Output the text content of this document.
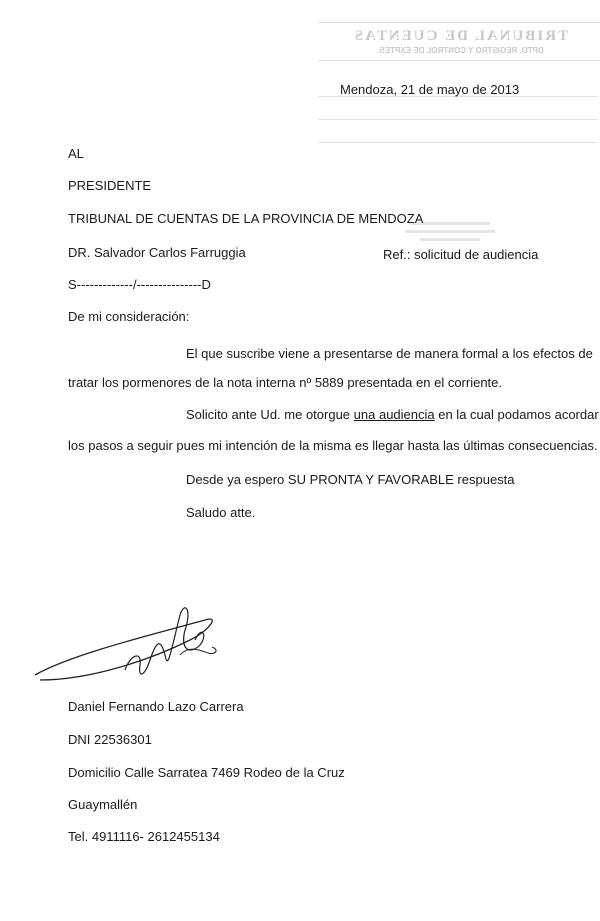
TRIBUNAL DE CUENTAS
DPTO. REGISTRO Y CONTROL DE EXPTES.
Mendoza, 21 de mayo de 2013
AL
PRESIDENTE
TRIBUNAL DE CUENTAS DE LA PROVINCIA DE MENDOZA
DR. Salvador Carlos Farruggia	Ref.: solicitud de audiencia
S-------------/---------------D
De mi consideración:
El que suscribe viene a presentarse de manera formal a los efectos de
tratar los pormenores de la nota interna nº 5889 presentada en el corriente.
Solicito ante Ud. me otorgue una audiencia en la cual podamos acordar
los pasos a seguir pues mi intención de la misma es llegar hasta las últimas consecuencias.
Desde ya espero SU PRONTA Y FAVORABLE respuesta
Saludo atte.
Daniel Fernando Lazo Carrera
DNI 22536301
Domicilio Calle Sarratea 7469 Rodeo de la Cruz
Guaymallén
Tel. 4911116- 2612455134
